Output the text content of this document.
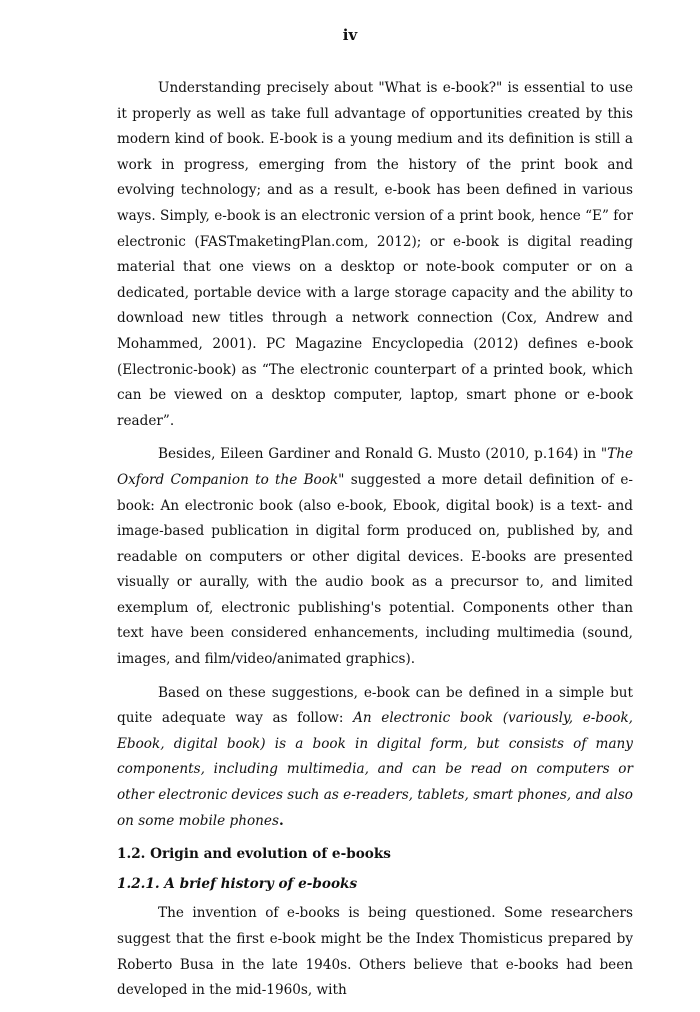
iv

Understanding precisely about "What is e-book?" is essential to use it properly as well as take full advantage of opportunities created by this modern kind of book. E-book is a young medium and its definition is still a work in progress, emerging from the history of the print book and evolving technology; and as a result, e-book has been defined in various ways. Simply, e-book is an electronic version of a print book, hence “E” for electronic (FASTmaketingPlan.com, 2012); or e-book is digital reading material that one views on a desktop or note-book computer or on a dedicated, portable device with a large storage capacity and the ability to download new titles through a network connection (Cox, Andrew and Mohammed, 2001). PC Magazine Encyclopedia (2012) defines e-book (Electronic-book) as “The electronic counterpart of a printed book, which can be viewed on a desktop computer, laptop, smart phone or e-book reader”.

Besides, Eileen Gardiner and Ronald G. Musto (2010, p.164) in "The Oxford Companion to the Book" suggested a more detail definition of e-book: An electronic book (also e-book, Ebook, digital book) is a text- and image-based publication in digital form produced on, published by, and readable on computers or other digital devices. E-books are presented visually or aurally, with the audio book as a precursor to, and limited exemplum of, electronic publishing's potential. Components other than text have been considered enhancements, including multimedia (sound, images, and film/video/animated graphics).

Based on these suggestions, e-book can be defined in a simple but quite adequate way as follow: An electronic book (variously, e-book, Ebook, digital book) is a book in digital form, but consists of many components, including multimedia, and can be read on computers or other electronic devices such as e-readers, tablets, smart phones, and also on some mobile phones.

1.2. Origin and evolution of e-books
1.2.1. A brief history of e-books

The invention of e-books is being questioned. Some researchers suggest that the first e-book might be the Index Thomisticus prepared by Roberto Busa in the late 1940s. Others believe that e-books had been developed in the mid-1960s, with
